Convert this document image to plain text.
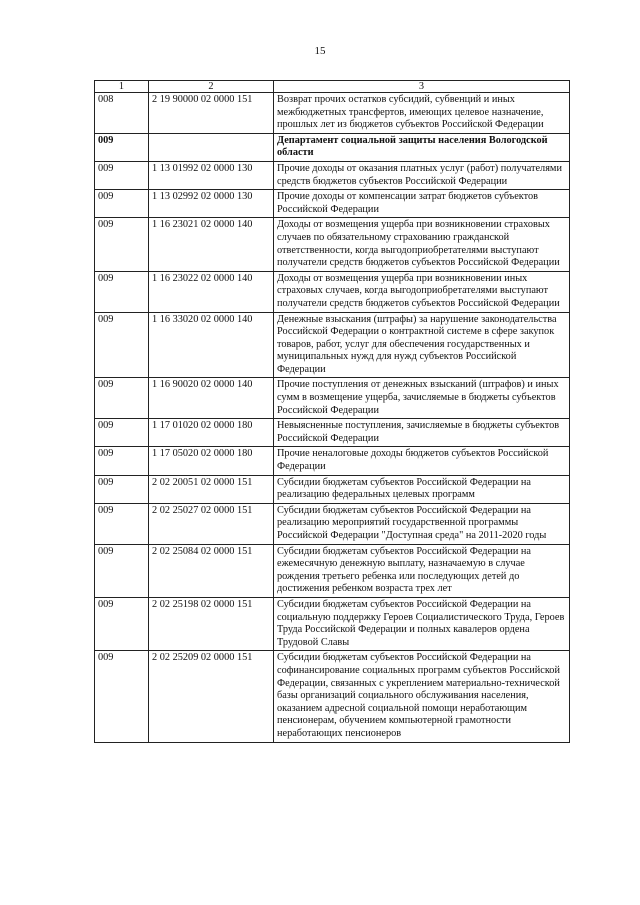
15
1	2	3
008	2 19 90000 02 0000 151	Возврат прочих остатков субсидий, субвенций и иных межбюджетных трансфертов, имеющих целевое назначение, прошлых лет из бюджетов субъектов Российской Федерации
009		Департамент социальной защиты населения Вологодской области
009	1 13 01992 02 0000 130	Прочие доходы от оказания платных услуг (работ) получателями средств бюджетов субъектов Российской Федерации
009	1 13 02992 02 0000 130	Прочие доходы от компенсации затрат бюджетов субъектов Российской Федерации
009	1 16 23021 02 0000 140	Доходы от возмещения ущерба при возникновении страховых случаев по обязательному страхованию гражданской ответственности, когда выгодоприобретателями выступают получатели средств бюджетов субъектов Российской Федерации
009	1 16 23022 02 0000 140	Доходы от возмещения ущерба при возникновении иных страховых случаев, когда выгодоприобретателями выступают получатели средств бюджетов субъектов Российской Федерации
009	1 16 33020 02 0000 140	Денежные взыскания (штрафы) за нарушение законодательства Российской Федерации о контрактной системе в сфере закупок товаров, работ, услуг для обеспечения государственных и муниципальных нужд для нужд субъектов Российской Федерации
009	1 16 90020 02 0000 140	Прочие поступления от денежных взысканий (штрафов) и иных сумм в возмещение ущерба, зачисляемые в бюджеты субъектов Российской Федерации
009	1 17 01020 02 0000 180	Невыясненные поступления, зачисляемые в бюджеты субъектов Российской Федерации
009	1 17 05020 02 0000 180	Прочие неналоговые доходы бюджетов субъектов Российской Федерации
009	2 02 20051 02 0000 151	Субсидии бюджетам субъектов Российской Федерации на реализацию федеральных целевых программ
009	2 02 25027 02 0000 151	Субсидии бюджетам субъектов Российской Федерации на реализацию мероприятий государственной программы Российской Федерации "Доступная среда" на 2011-2020 годы
009	2 02 25084 02 0000 151	Субсидии бюджетам субъектов Российской Федерации на ежемесячную денежную выплату, назначаемую в случае рождения третьего ребенка или последующих детей до достижения ребенком возраста трех лет
009	2 02 25198 02 0000 151	Субсидии бюджетам субъектов Российской Федерации на социальную поддержку Героев Социалистического Труда, Героев Труда Российской Федерации и полных кавалеров ордена Трудовой Славы
009	2 02 25209 02 0000 151	Субсидии бюджетам субъектов Российской Федерации на софинансирование социальных программ субъектов Российской Федерации, связанных с укреплением материально-технической базы организаций социального обслуживания населения, оказанием адресной социальной помощи неработающим пенсионерам, обучением компьютерной грамотности неработающих пенсионеров
